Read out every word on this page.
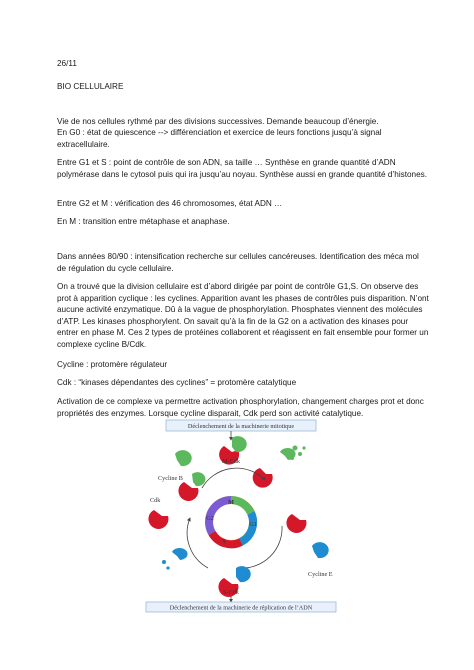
26/11

BIO CELLULAIRE

Vie de nos cellules rythmé par des divisions successives. Demande beaucoup d’énergie.

En G0 : état de quiescence --> différenciation et exercice de leurs fonctions jusqu’à signal extracellulaire.

Entre G1 et S : point de contrôle de son ADN, sa taille … Synthèse en grande quantité d’ADN polymérase dans le cytosol puis qui ira jusqu’au noyau. Synthèse aussi en grande quantité d’histones.

Entre G2 et M : vérification des 46 chromosomes, état ADN …

En M : transition entre métaphase et anaphase.

Dans années 80/90 : intensification recherche sur cellules cancéreuses. Identification des méca mol de régulation du cycle cellulaire.

On a trouvé que la division cellulaire est d’abord dirigée par point de contrôle G1,S. On observe des prot à apparition cyclique : les cyclines. Apparition avant les phases de contrôles puis disparition. N’ont aucune activité enzymatique. Dû à la vague de phosphorylation. Phosphates viennent des molécules d’ATP. Les kinases phosphorylent. On savait qu’à la fin de la G2 on a activation des kinases pour entrer en phase M. Ces 2 types de protéines collaborent et réagissent en fait ensemble pour former un complexe cycline B/Cdk.

Cycline : protomère régulateur

Cdk : “kinases dépendantes des cyclines” = protomère catalytique

Activation de ce complexe va permettre activation phosphorylation, changement charges prot et donc propriétés des enzymes. Lorsque cycline disparait, Cdk perd son activité catalytique.

Déclenchement de la machinerie mitotique
M-Cdk
Cycline B
M
G1
S
G2
Cdk
Cycline E
S-Cdk
Déclenchement de la machinerie de réplication de l’ADN
